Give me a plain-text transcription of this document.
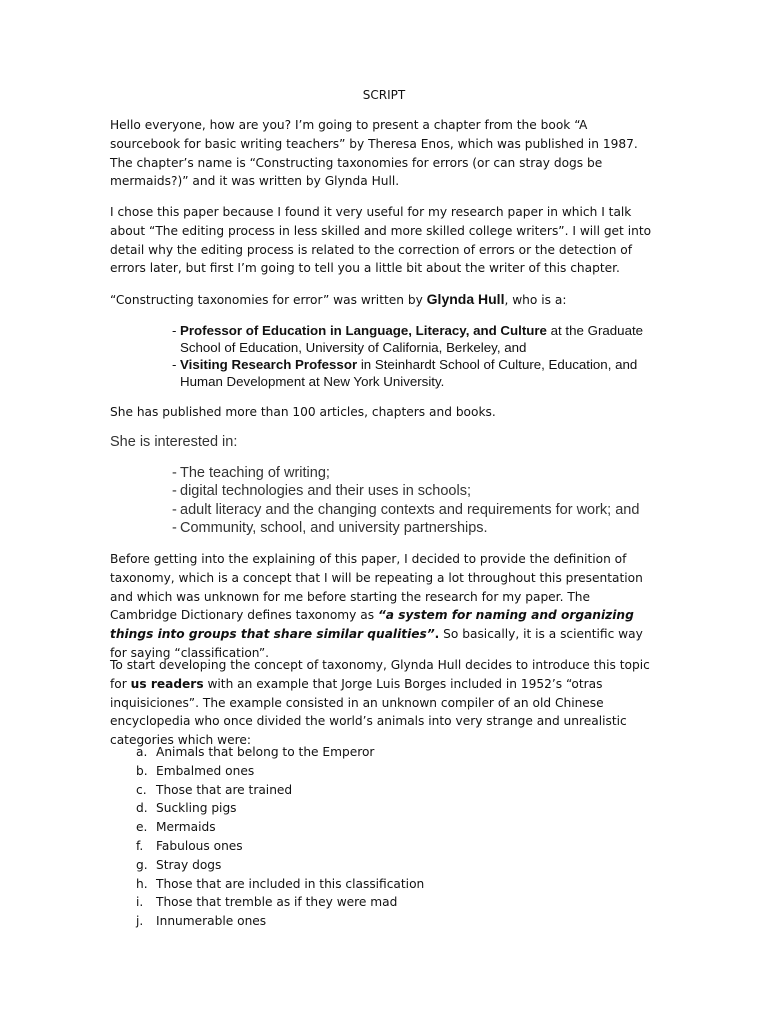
SCRIPT

Hello everyone, how are you? I’m going to present a chapter from the book “A sourcebook for basic writing teachers” by Theresa Enos, which was published in 1987. The chapter’s name is “Constructing taxonomies for errors (or can stray dogs be mermaids?)” and it was written by Glynda Hull.

I chose this paper because I found it very useful for my research paper in which I talk about “The editing process in less skilled and more skilled college writers”. I will get into detail why the editing process is related to the correction of errors or the detection of errors later, but first I’m going to tell you a little bit about the writer of this chapter.

“Constructing taxonomies for error” was written by Glynda Hull, who is a:

- Professor of Education in Language, Literacy, and Culture at the Graduate School of Education, University of California, Berkeley, and
- Visiting Research Professor in Steinhardt School of Culture, Education, and Human Development at New York University.

She has published more than 100 articles, chapters and books.

She is interested in:

- The teaching of writing;
- digital technologies and their uses in schools;
- adult literacy and the changing contexts and requirements for work; and
- Community, school, and university partnerships.

Before getting into the explaining of this paper, I decided to provide the definition of taxonomy, which is a concept that I will be repeating a lot throughout this presentation and which was unknown for me before starting the research for my paper. The Cambridge Dictionary defines taxonomy as “a system for naming and organizing things into groups that share similar qualities”. So basically, it is a scientific way for saying “classification”.

To start developing the concept of taxonomy, Glynda Hull decides to introduce this topic for us readers with an example that Jorge Luis Borges included in 1952’s “otras inquisiciones”. The example consisted in an unknown compiler of an old Chinese encyclopedia who once divided the world’s animals into very strange and unrealistic categories which were:

a. Animals that belong to the Emperor
b. Embalmed ones
c. Those that are trained
d. Suckling pigs
e. Mermaids
f. Fabulous ones
g. Stray dogs
h. Those that are included in this classification
i. Those that tremble as if they were mad
j. Innumerable ones
